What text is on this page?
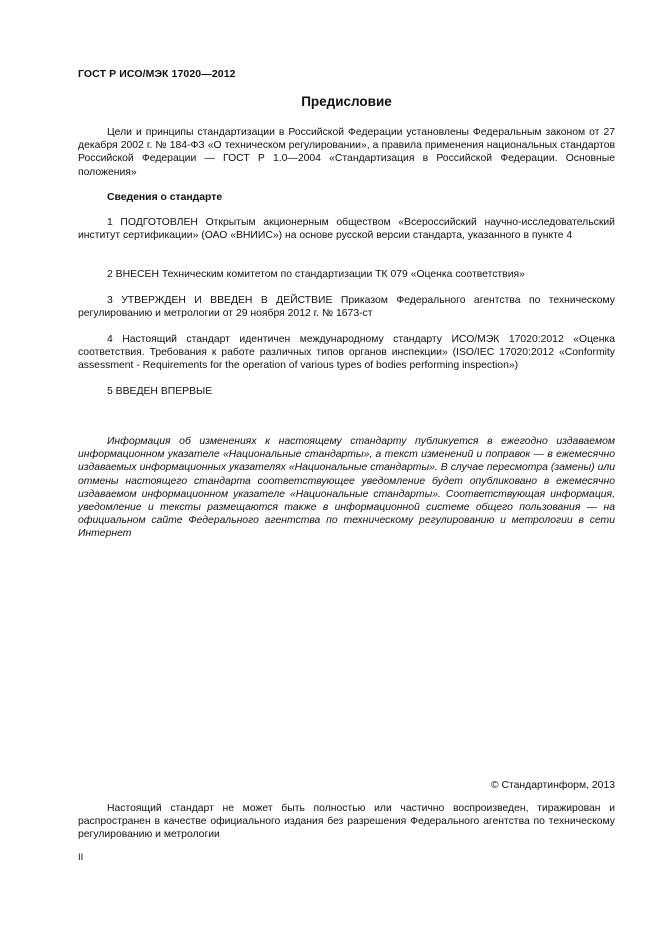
ГОСТ Р ИСО/МЭК 17020—2012
Предисловие
Цели и принципы стандартизации в Российской Федерации установлены Федеральным законом от 27 декабря 2002 г. № 184-ФЗ «О техническом регулировании», а правила применения национальных стандартов Российской Федерации — ГОСТ Р 1.0—2004 «Стандартизация в Российской Федерации. Основные положения»
Сведения о стандарте
1 ПОДГОТОВЛЕН Открытым акционерным обществом «Всероссийский научно-исследовательский институт сертификации» (ОАО «ВНИИС») на основе русской версии стандарта, указанного в пункте 4
2 ВНЕСЕН Техническим комитетом по стандартизации ТК 079 «Оценка соответствия»
3 УТВЕРЖДЕН И ВВЕДЕН В ДЕЙСТВИЕ Приказом Федерального агентства по техническому регулированию и метрологии от 29 ноября 2012 г. № 1673-ст
4 Настоящий стандарт идентичен международному стандарту ИСО/МЭК 17020:2012 «Оценка соответствия. Требования к работе различных типов органов инспекции» (ISO/IEC 17020:2012 «Conformity assessment - Requirements for the operation of various types of bodies performing inspection»)
5 ВВЕДЕН ВПЕРВЫЕ
Информация об изменениях к настоящему стандарту публикуется в ежегодно издаваемом информационном указателе «Национальные стандарты», а текст изменений и поправок — в ежемесячно издаваемых информационных указателях «Национальные стандарты». В случае пересмотра (замены) или отмены настоящего стандарта соответствующее уведомление будет опубликовано в ежемесячно издаваемом информационном указателе «Национальные стандарты». Соответствующая информация, уведомление и тексты размещаются также в информационной системе общего пользования — на официальном сайте Федерального агентства по техническому регулированию и метрологии в сети Интернет
© Стандартинформ, 2013
Настоящий стандарт не может быть полностью или частично воспроизведен, тиражирован и распространен в качестве официального издания без разрешения Федерального агентства по техническому регулированию и метрологии
II
